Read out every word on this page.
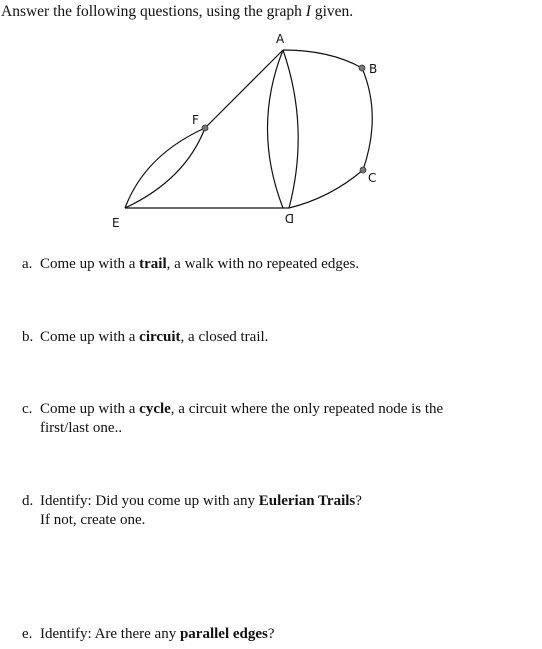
Answer the following questions, using the graph I given.
A
B
C
D
E
F
a. Come up with a trail, a walk with no repeated edges.
b. Come up with a circuit, a closed trail.
c. Come up with a cycle, a circuit where the only repeated node is the
first/last one..
d. Identify: Did you come up with any Eulerian Trails?
If not, create one.
e. Identify: Are there any parallel edges?
